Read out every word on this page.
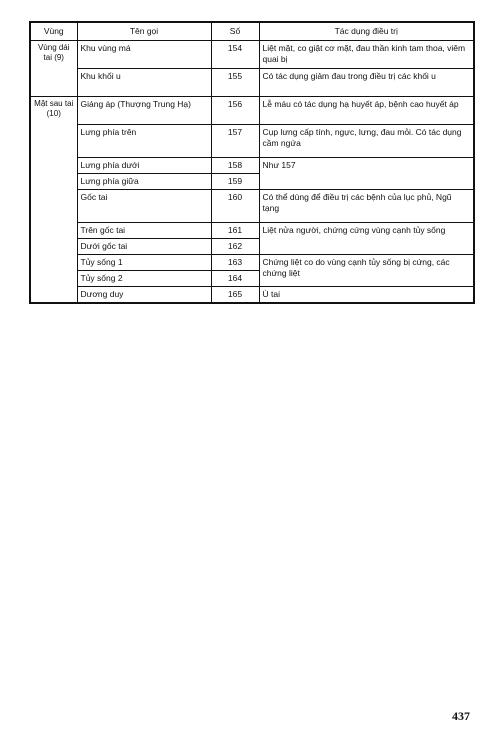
Vùng	Tên gọi	Số	Tác dụng điều trị
Vùng dái tai (9)	Khu vùng má	154	Liệt mặt, co giật cơ mặt, đau thần kinh tam thoa, viêm quai bị
	Khu khối u	155	Có tác dụng giảm đau trong điều trị các khối u
Mặt sau tai (10)	Giáng áp (Thượng Trung Hạ)	156	Lễ máu có tác dụng hạ huyết áp, bệnh cao huyết áp
	Lưng phía trên	157	Cụp lưng cấp tính, ngực, lưng, đau mỏi. Có tác dụng cầm ngứa
	Lưng phía dưới	158	Như 157
	Lưng phía giữa	159	
	Gốc tai	160	Có thể dùng để điều trị các bệnh của lục phủ, Ngũ tạng
	Trên gốc tai	161	Liệt nửa người, chứng cứng vùng cạnh tủy sống
	Dưới gốc tai	162	
	Tủy sống 1	163	Chứng liệt co do vùng cạnh tủy sống bị cứng, các chứng liệt
	Tủy sống 2	164	
	Dương duy	165	Ù tai
437
